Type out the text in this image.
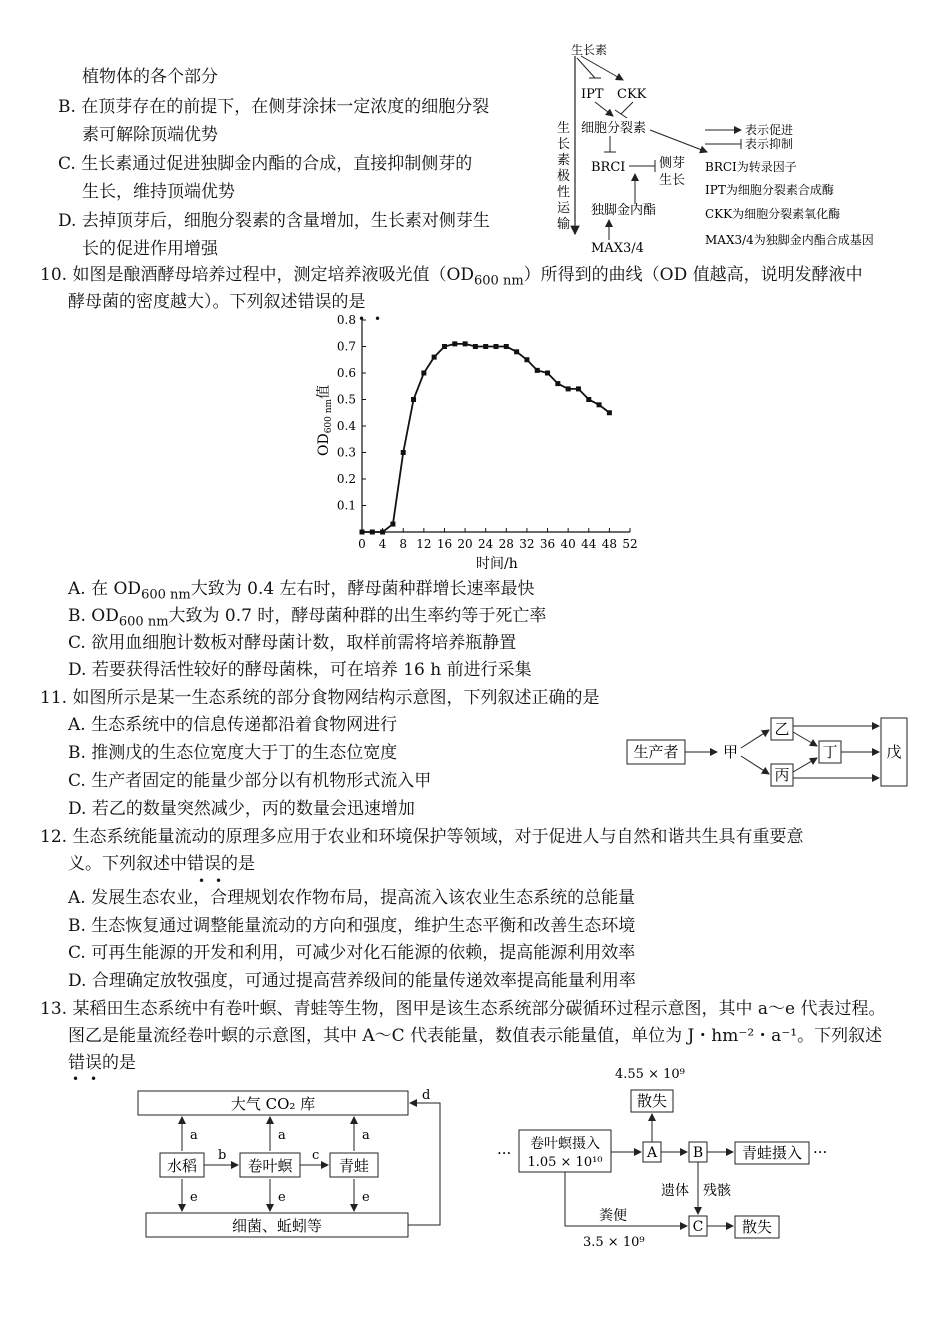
植物体的各个部分
B. 在顶芽存在的前提下，在侧芽涂抹一定浓度的细胞分裂
素可解除顶端优势
C. 生长素通过促进独脚金内酯的合成，直接抑制侧芽的
生长，维持顶端优势
D. 去掉顶芽后，细胞分裂素的含量增加，生长素对侧芽生
长的促进作用增强
生长素
生
长
素
极
性
运
输
IPT CKK
细胞分裂素
BRCI	侧芽
生长
独脚金内酯
MAX3/4
表示促进
表示抑制
BRCI为转录因子
IPT为细胞分裂素合成酶
CKK为细胞分裂素氧化酶
MAX3/4为独脚金内酯合成基因
10. 如图是酿酒酵母培养过程中，测定培养液吸光值$(OD_{600 nm})$所得到的曲线（OD 值越高，说明发酵液中
酵母菌的密度越大）。下列叙述错误的是
• •
0.1
0.2
0.3
0.4
0.5
0.6
0.7
0.8
0 4 8 12 16 20 24 28 32 36 40 44 48 52
$OD_{600 nm}$值
时间/h
A. 在 $OD_{600 nm}$大致为 0.4 左右时，酵母菌种群增长速率最快
B. $OD_{600 nm}$大致为 0.7 时，酵母菌种群的出生率约等于死亡率
C. 欲用血细胞计数板对酵母菌计数，取样前需将培养瓶静置
D. 若要获得活性较好的酵母菌株，可在培养 16 h 前进行采集
11. 如图所示是某一生态系统的部分食物网结构示意图，下列叙述正确的是
A. 生态系统中的信息传递都沿着食物网进行
B. 推测戊的生态位宽度大于丁的生态位宽度
C. 生产者固定的能量少部分以有机物形式流入甲
D. 若乙的数量突然减少，丙的数量会迅速增加
生产者	甲
乙
丙
丁	戊
12. 生态系统能量流动的原理多应用于农业和环境保护等领域，对于促进人与自然和谐共生具有重要意
义。下列叙述中错误的是
• •
A. 发展生态农业，合理规划农作物布局，提高流入该农业生态系统的总能量
B. 生态恢复通过调整能量流动的方向和强度，维护生态平衡和改善生态环境
C. 可再生能源的开发和利用，可减少对化石能源的依赖，提高能源利用效率
D. 合理确定放牧强度，可通过提高营养级间的能量传递效率提高能量利用率
13. 某稻田生态系统中有卷叶螟、青蛙等生物，图甲是该生态系统部分碳循环过程示意图，其中 a～e 代表过程。
图乙是能量流经卷叶螟的示意图，其中 A～C 代表能量，数值表示能量值，单位为 J・hm⁻²・a⁻¹。下列叙述
错误的是
• •
大气 CO₂ 库
水稻	卷叶螟	青蛙
细菌、蚯蚓等
a	a	a
b	c
e	e	e
d
4.55 × 10⁹
散失
··· 卷叶螟摄入
1.05 × 10¹⁰
A	B	青蛙摄入 ···
遗体 残骸
粪便
3.5 × 10⁹
C	散失
